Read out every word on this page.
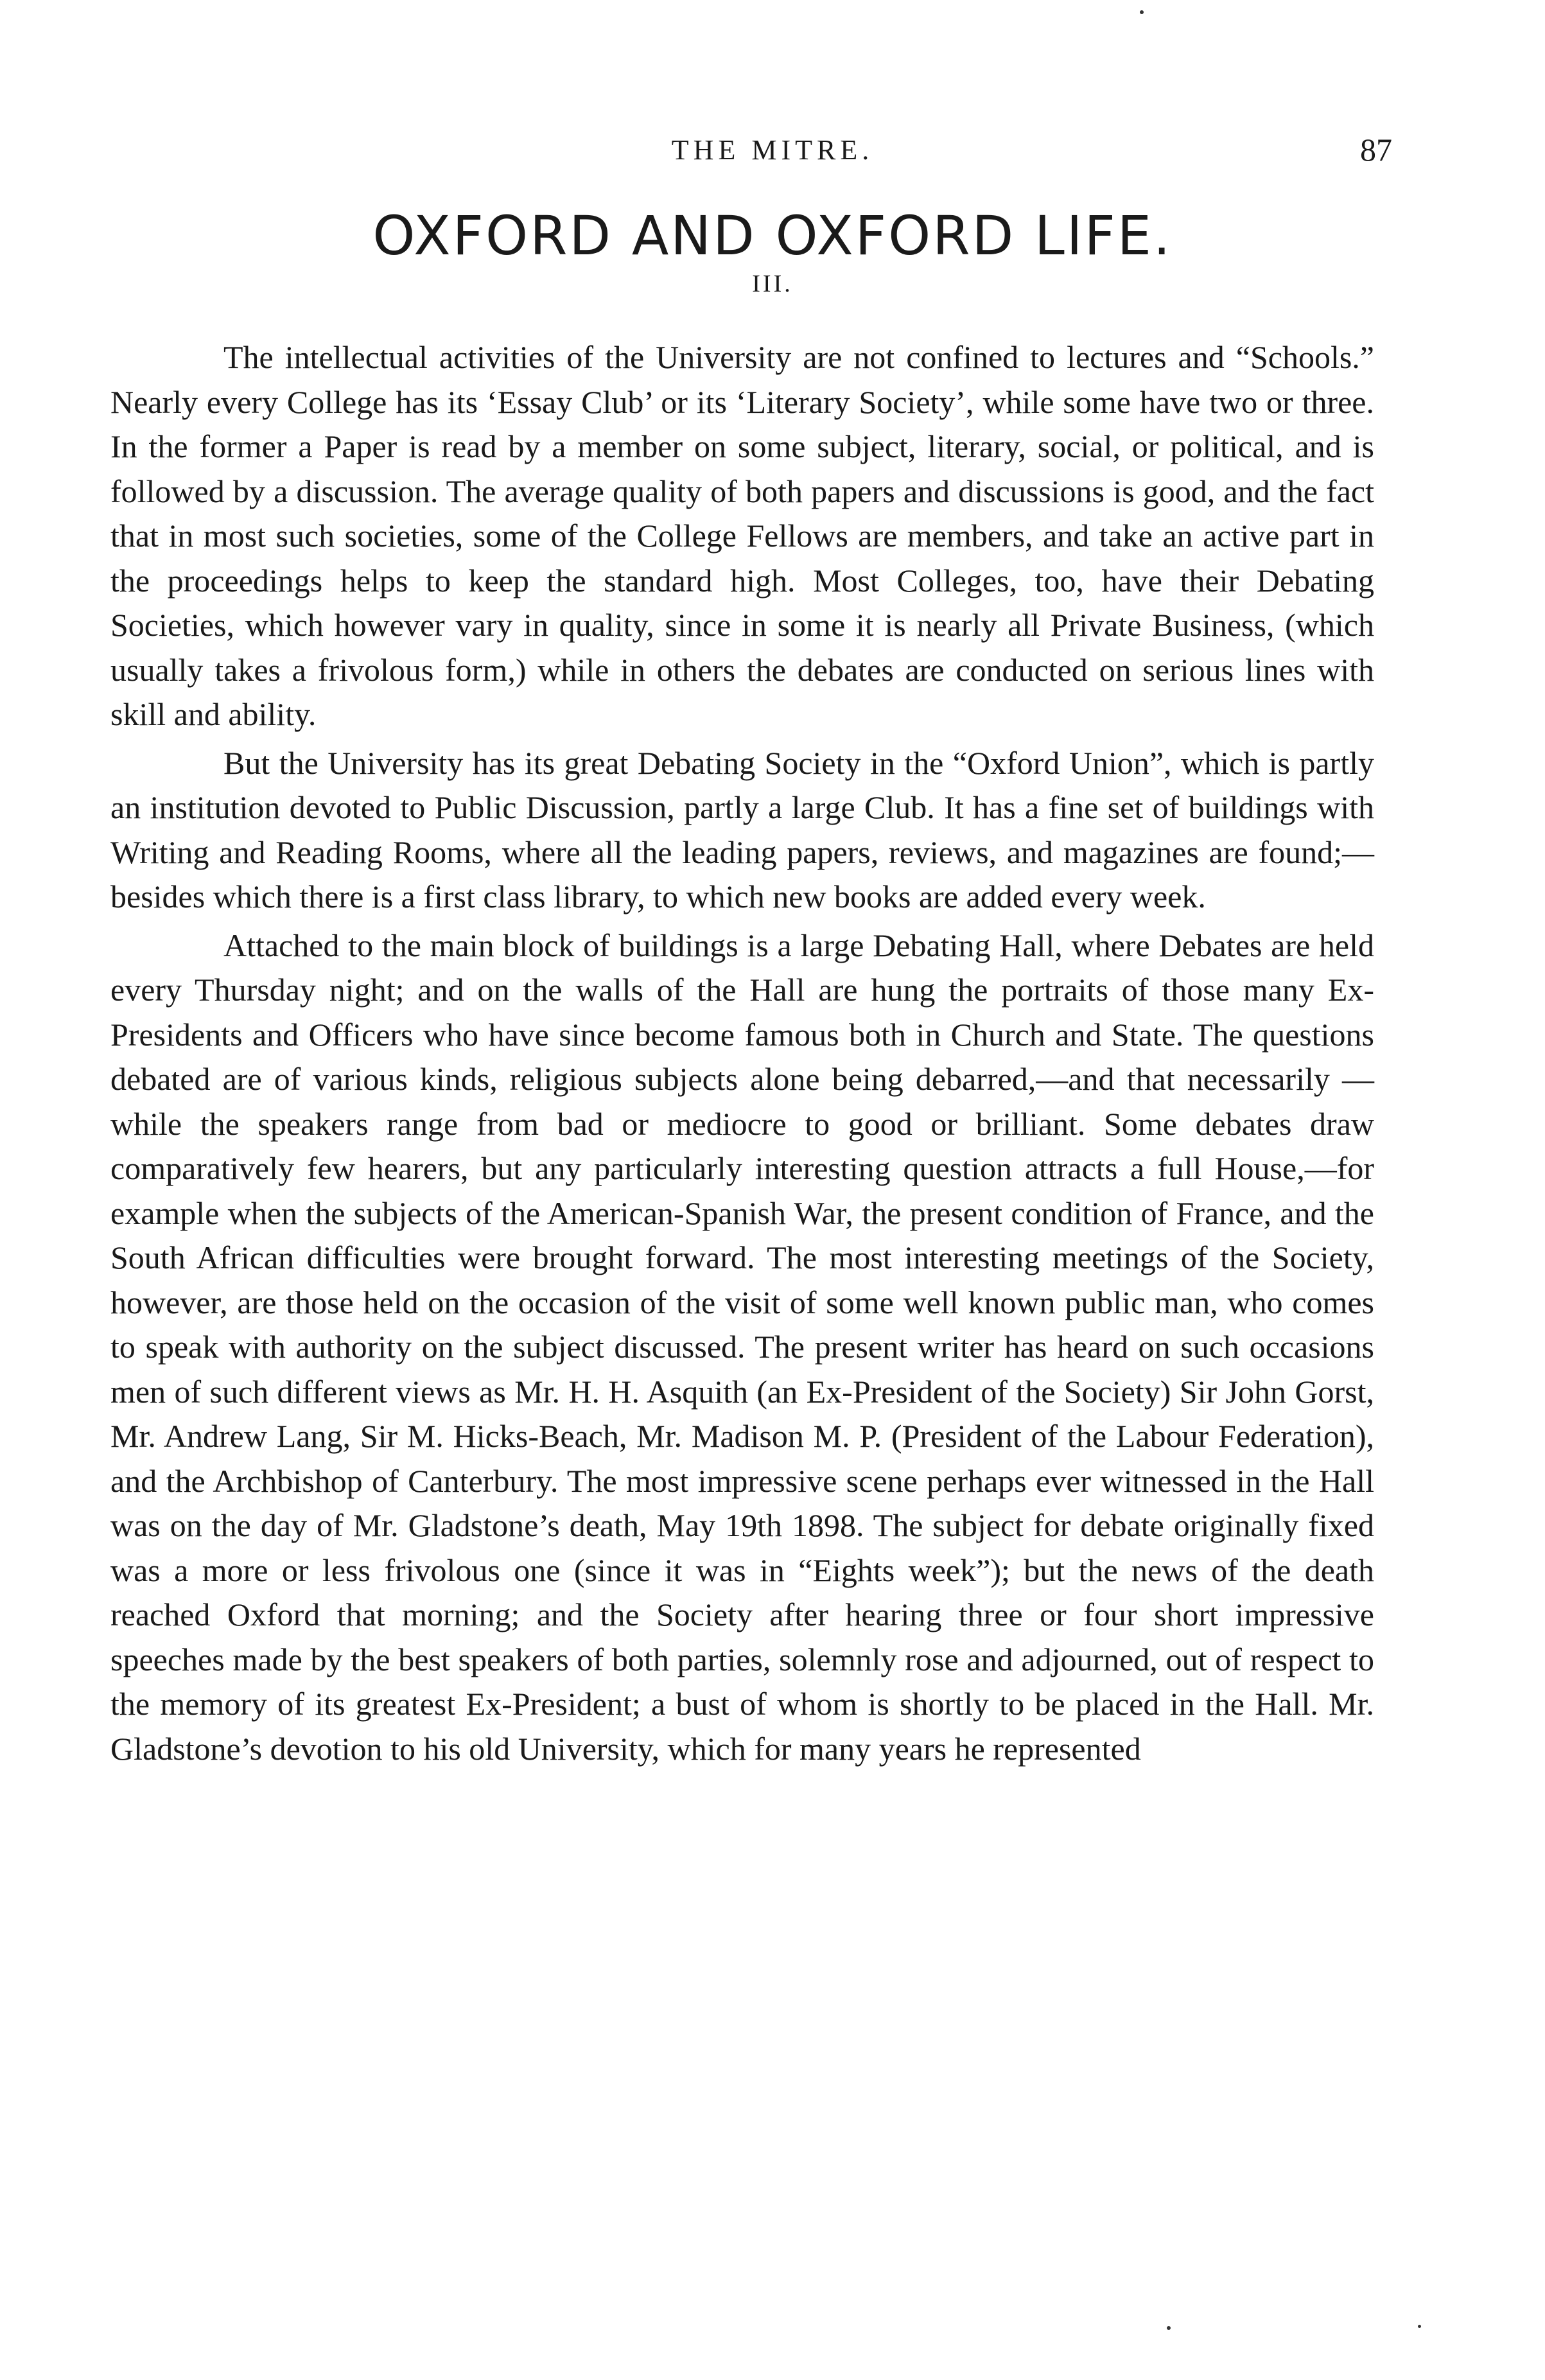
THE MITRE.	87
OXFORD AND OXFORD LIFE.
III.

The intellectual activities of the University are not confined to lectures and “Schools.” Nearly every College has its ‘Essay Club’ or its ‘Literary Society’, while some have two or three. In the former a Paper is read by a member on some subject, literary, social, or political, and is followed by a discussion. The average quality of both papers and discussions is good, and the fact that in most such societies, some of the College Fellows are members, and take an active part in the proceedings helps to keep the standard high. Most Colleges, too, have their Debating Societies, which however vary in quality, since in some it is nearly all Private Business, (which usually takes a frivolous form,) while in others the debates are conducted on serious lines with skill and ability.

But the University has its great Debating Society in the “Oxford Union”, which is partly an institution devoted to Public Discussion, partly a large Club. It has a fine set of buildings with Writing and Reading Rooms, where all the leading papers, reviews, and magazines are found;—besides which there is a first class library, to which new books are added every week.

Attached to the main block of buildings is a large Debating Hall, where Debates are held every Thursday night; and on the walls of the Hall are hung the portraits of those many Ex-Presidents and Officers who have since become famous both in Church and State. The questions debated are of various kinds, religious subjects alone being debarred,—and that necessarily —while the speakers range from bad or mediocre to good or brilliant. Some debates draw comparatively few hearers, but any particularly interesting question attracts a full House,—for example when the subjects of the American-Spanish War, the present condition of France, and the South African difficulties were brought forward. The most interesting meetings of the Society, however, are those held on the occasion of the visit of some well known public man, who comes to speak with authority on the subject discussed. The present writer has heard on such occasions men of such different views as Mr. H. H. Asquith (an Ex-President of the Society) Sir John Gorst, Mr. Andrew Lang, Sir M. Hicks-Beach, Mr. Madison M. P. (President of the Labour Federation), and the Archbishop of Canterbury. The most impressive scene perhaps ever witnessed in the Hall was on the day of Mr. Gladstone’s death, May 19th 1898. The subject for debate originally fixed was a more or less frivolous one (since it was in “Eights week”); but the news of the death reached Oxford that morning; and the Society after hearing three or four short impressive speeches made by the best speakers of both parties, solemnly rose and adjourned, out of respect to the memory of its greatest Ex-President; a bust of whom is shortly to be placed in the Hall. Mr. Gladstone’s devotion to his old University, which for many years he represented
